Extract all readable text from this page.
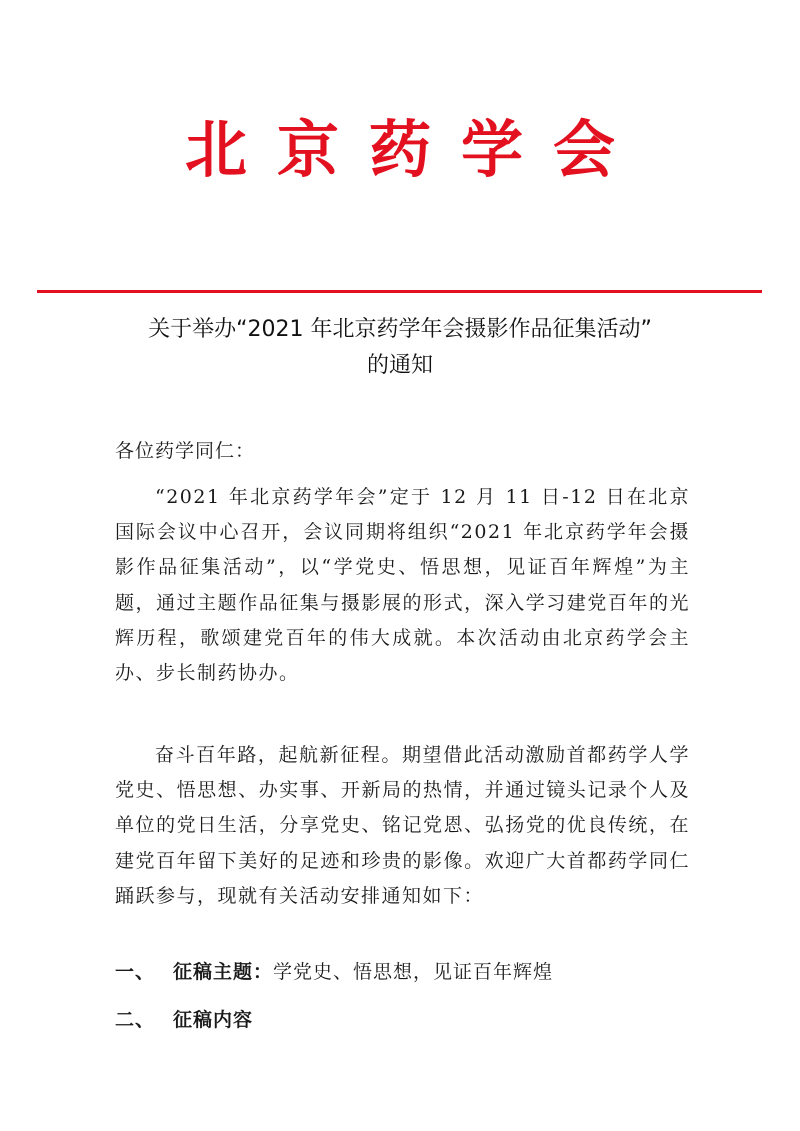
北京药学会
关于举办“2021 年北京药学年会摄影作品征集活动”
的通知
各位药学同仁：
“2021 年北京药学年会”定于 12 月 11 日-12 日在北京国际会议中心召开，会议同期将组织“2021 年北京药学年会摄影作品征集活动”，以“学党史、悟思想，见证百年辉煌”为主题，通过主题作品征集与摄影展的形式，深入学习建党百年的光辉历程，歌颂建党百年的伟大成就。本次活动由北京药学会主办、步长制药协办。
奋斗百年路，起航新征程。期望借此活动激励首都药学人学党史、悟思想、办实事、开新局的热情，并通过镜头记录个人及单位的党日生活，分享党史、铭记党恩、弘扬党的优良传统，在建党百年留下美好的足迹和珍贵的影像。欢迎广大首都药学同仁踊跃参与，现就有关活动安排通知如下：
一、 征稿主题：学党史、悟思想，见证百年辉煌
二、 征稿内容
